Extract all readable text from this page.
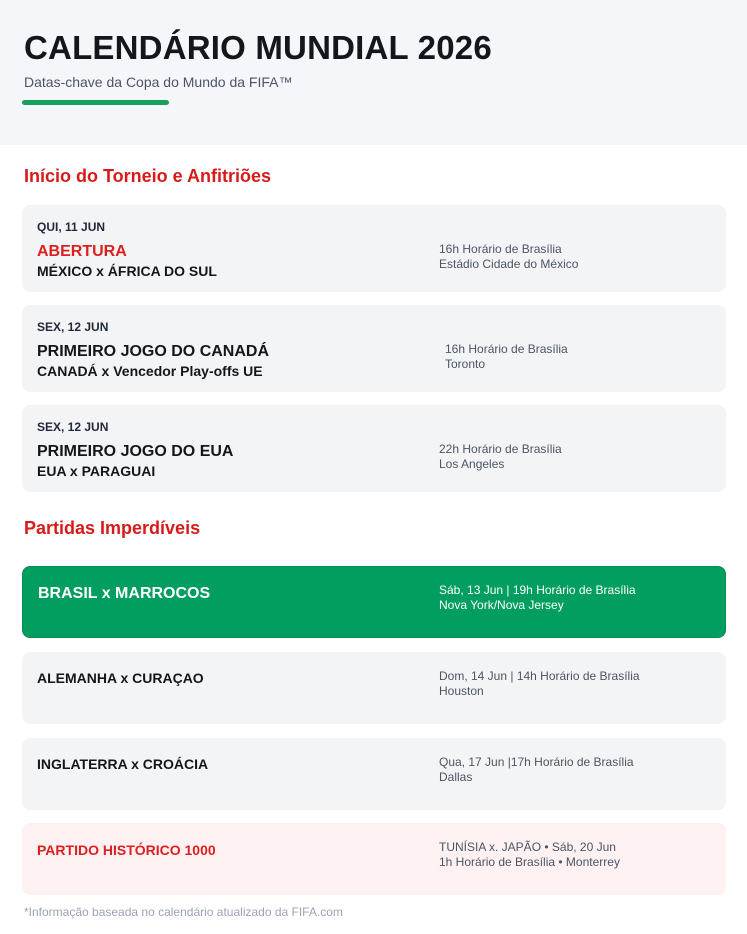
CALENDÁRIO MUNDIAL 2026
Datas-chave da Copa do Mundo da FIFA™
Início do Torneio e Anfitriões
QUI, 11 JUN
ABERTURA
MÉXICO x ÁFRICA DO SUL
16h Horário de Brasília
Estádio Cidade do México
SEX, 12 JUN
PRIMEIRO JOGO DO CANADÁ
CANADÁ x Vencedor Play-offs UE
16h Horário de Brasília
Toronto
SEX, 12 JUN
PRIMEIRO JOGO DO EUA
EUA x PARAGUAI
22h Horário de Brasília
Los Angeles
Partidas Imperdíveis
BRASIL x MARROCOS	Sáb, 13 Jun | 19h Horário de Brasília
Nova York/Nova Jersey
ALEMANHA x CURAÇAO	Dom, 14 Jun | 14h Horário de Brasília
Houston
INGLATERRA x CROÁCIA	Qua, 17 Jun |17h Horário de Brasília
Dallas
PARTIDO HISTÓRICO 1000	TUNÍSIA x. JAPÃO • Sáb, 20 Jun
1h Horário de Brasília • Monterrey
*Informação baseada no calendário atualizado da FIFA.com
